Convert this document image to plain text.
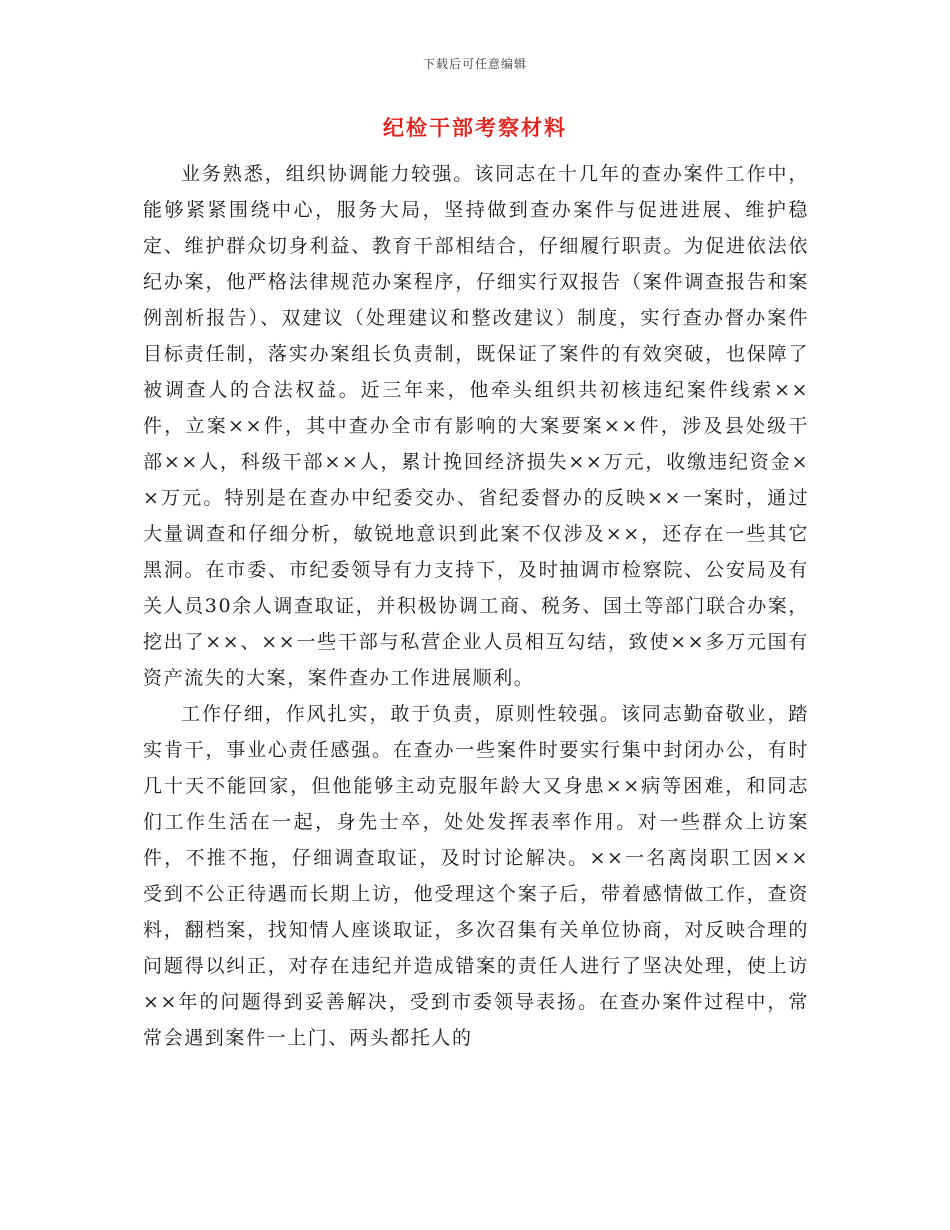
下载后可任意编辑
纪检干部考察材料

业务熟悉，组织协调能力较强。该同志在十几年的查办案件工作中，能够紧紧围绕中心，服务大局，坚持做到查办案件与促进进展、维护稳定、维护群众切身利益、教育干部相结合，仔细履行职责。为促进依法依纪办案，他严格法律规范办案程序，仔细实行双报告（案件调查报告和案例剖析报告）、双建议（处理建议和整改建议）制度，实行查办督办案件目标责任制，落实办案组长负责制，既保证了案件的有效突破，也保障了被调查人的合法权益。近三年来，他牵头组织共初核违纪案件线索××件，立案××件，其中查办全市有影响的大案要案××件，涉及县处级干部××人，科级干部××人，累计挽回经济损失××万元，收缴违纪资金××万元。特别是在查办中纪委交办、省纪委督办的反映××一案时，通过大量调查和仔细分析，敏锐地意识到此案不仅涉及××，还存在一些其它黑洞。在市委、市纪委领导有力支持下，及时抽调市检察院、公安局及有关人员30余人调查取证，并积极协调工商、税务、国土等部门联合办案，挖出了××、××一些干部与私营企业人员相互勾结，致使××多万元国有资产流失的大案，案件查办工作进展顺利。

工作仔细，作风扎实，敢于负责，原则性较强。该同志勤奋敬业，踏实肯干，事业心责任感强。在查办一些案件时要实行集中封闭办公，有时几十天不能回家，但他能够主动克服年龄大又身患××病等困难，和同志们工作生活在一起，身先士卒，处处发挥表率作用。对一些群众上访案件，不推不拖，仔细调查取证，及时讨论解决。××一名离岗职工因××受到不公正待遇而长期上访，他受理这个案子后，带着感情做工作，查资料，翻档案，找知情人座谈取证，多次召集有关单位协商，对反映合理的问题得以纠正，对存在违纪并造成错案的责任人进行了坚决处理，使上访××年的问题得到妥善解决，受到市委领导表扬。在查办案件过程中，常常会遇到案件一上门、两头都托人的
